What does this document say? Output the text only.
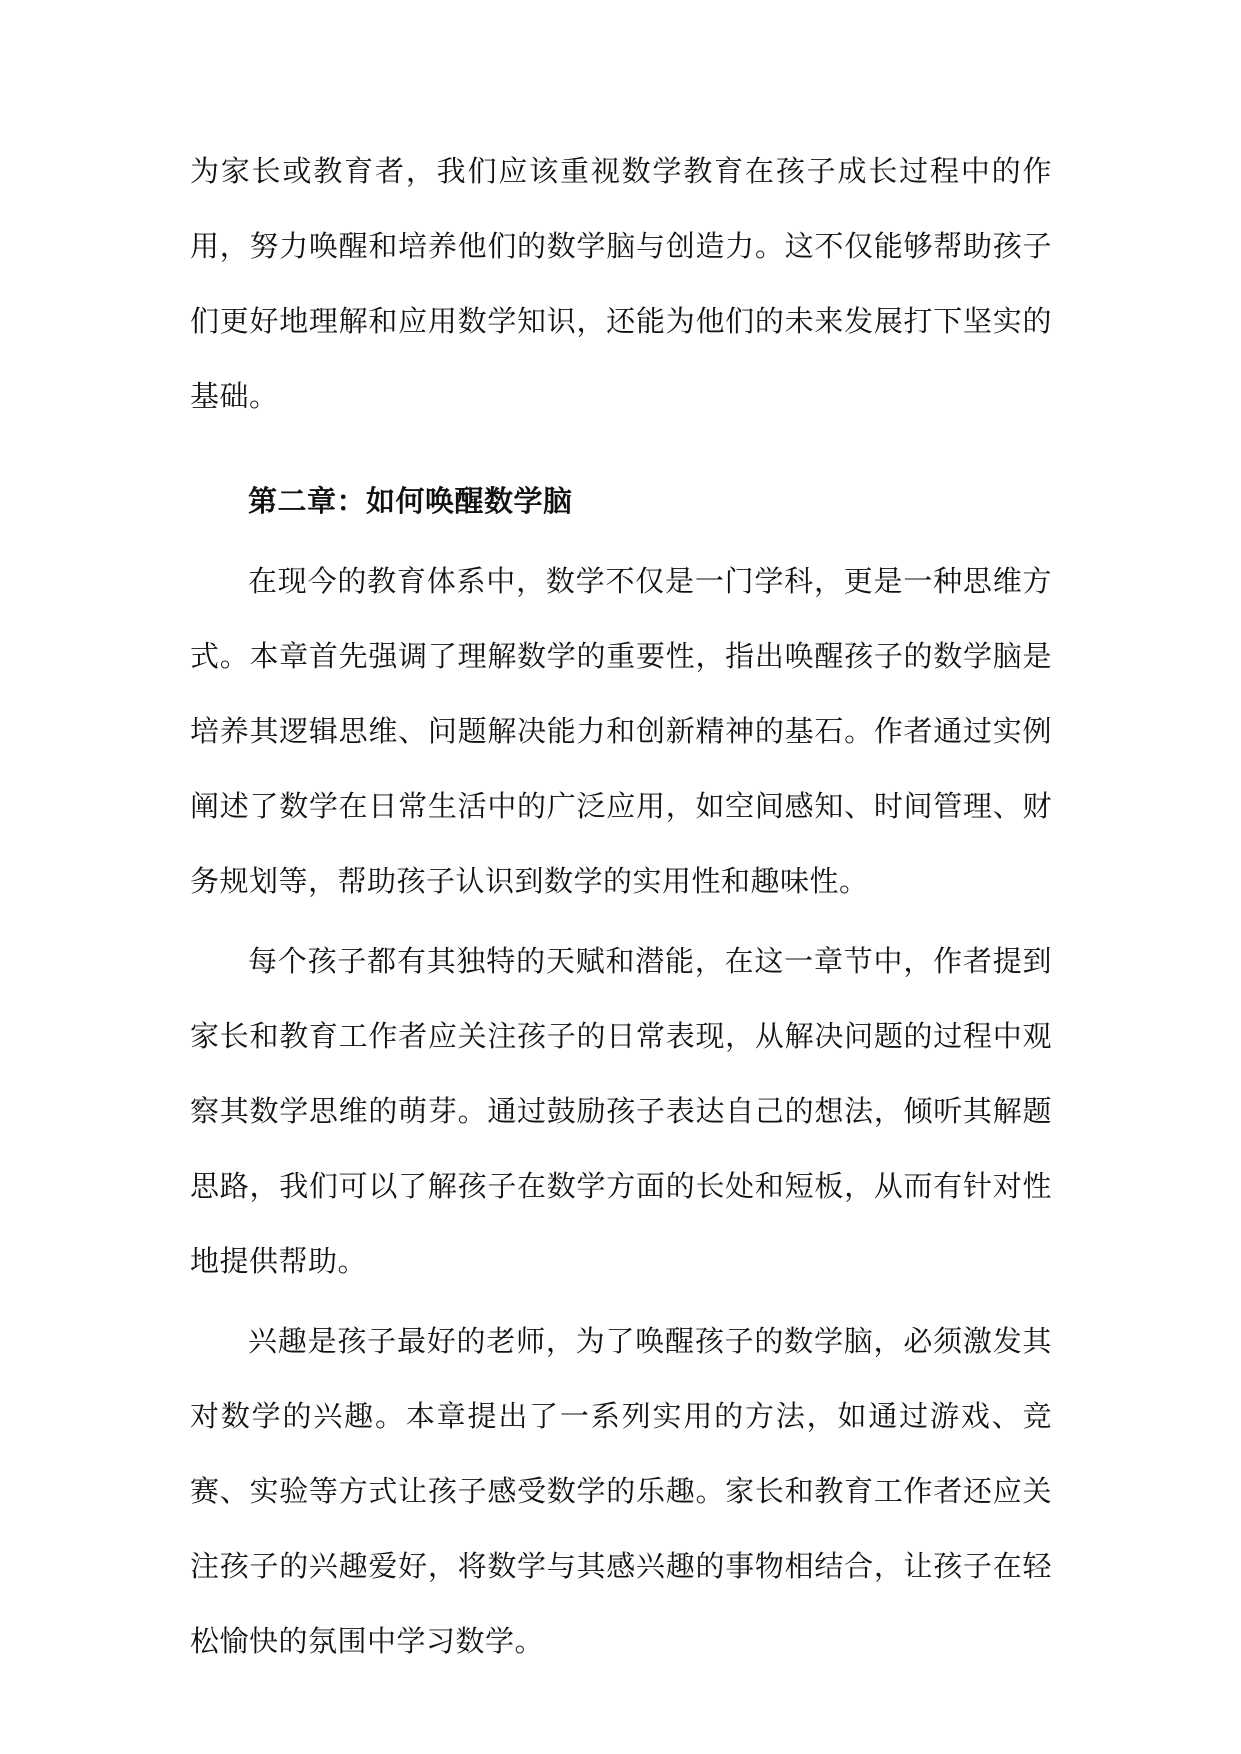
为家长或教育者，我们应该重视数学教育在孩子成长过程中的作用，努力唤醒和培养他们的数学脑与创造力。这不仅能够帮助孩子们更好地理解和应用数学知识，还能为他们的未来发展打下坚实的基础。

第二章：如何唤醒数学脑

在现今的教育体系中，数学不仅是一门学科，更是一种思维方式。本章首先强调了理解数学的重要性，指出唤醒孩子的数学脑是培养其逻辑思维、问题解决能力和创新精神的基石。作者通过实例阐述了数学在日常生活中的广泛应用，如空间感知、时间管理、财务规划等，帮助孩子认识到数学的实用性和趣味性。

每个孩子都有其独特的天赋和潜能，在这一章节中，作者提到家长和教育工作者应关注孩子的日常表现，从解决问题的过程中观察其数学思维的萌芽。通过鼓励孩子表达自己的想法，倾听其解题思路，我们可以了解孩子在数学方面的长处和短板，从而有针对性地提供帮助。

兴趣是孩子最好的老师，为了唤醒孩子的数学脑，必须激发其对数学的兴趣。本章提出了一系列实用的方法，如通过游戏、竞赛、实验等方式让孩子感受数学的乐趣。家长和教育工作者还应关注孩子的兴趣爱好，将数学与其感兴趣的事物相结合，让孩子在轻松愉快的氛围中学习数学。
